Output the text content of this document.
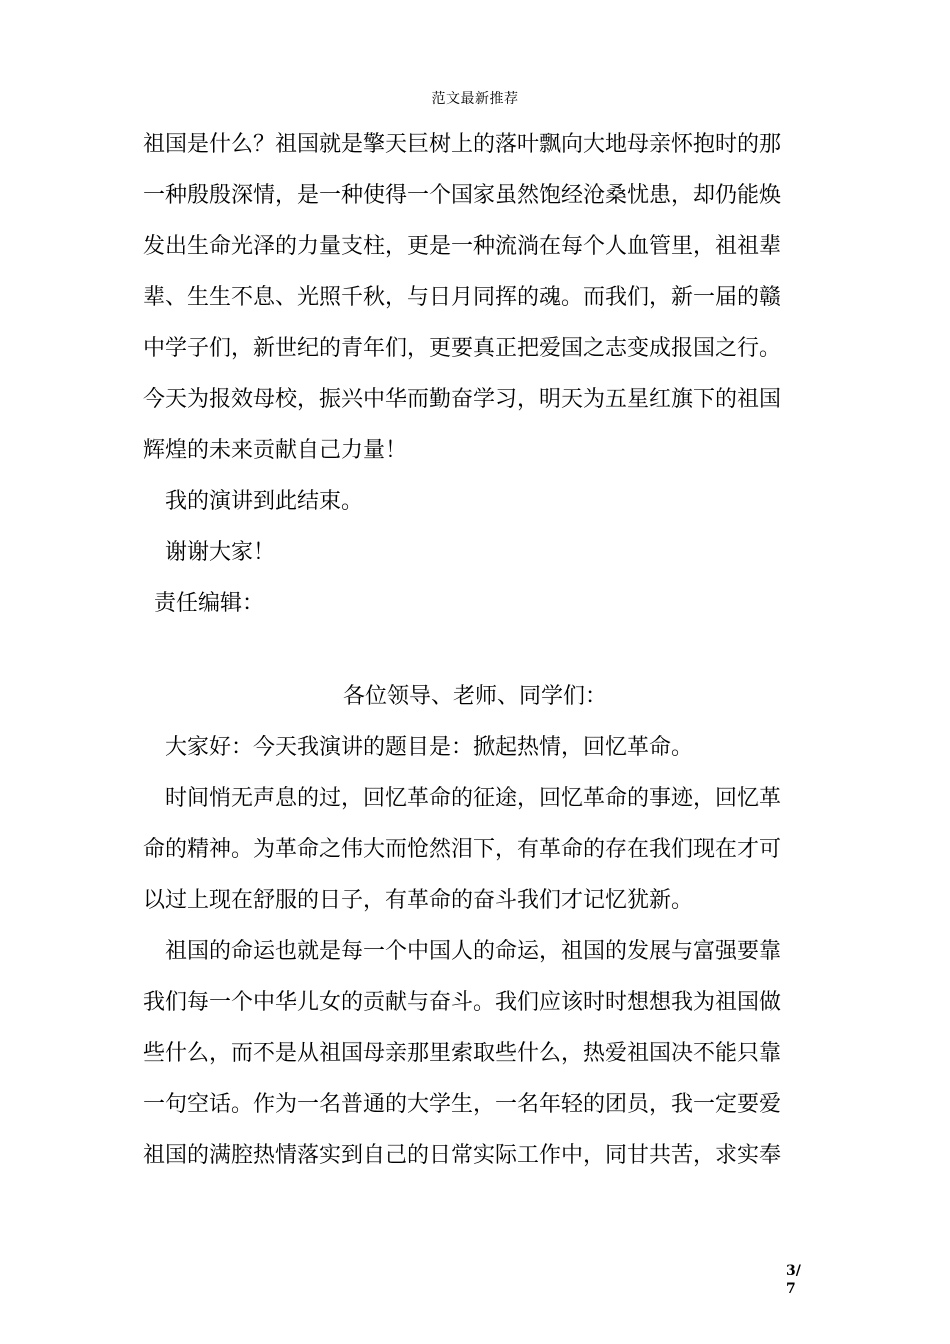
范文最新推荐
祖国是什么？祖国就是擎天巨树上的落叶飘向大地母亲怀抱时的那
一种殷殷深情，是一种使得一个国家虽然饱经沧桑忧患，却仍能焕
发出生命光泽的力量支柱，更是一种流淌在每个人血管里，祖祖辈
辈、生生不息、光照千秋，与日月同挥的魂。而我们，新一届的赣
中学子们，新世纪的青年们，更要真正把爱国之志变成报国之行。
今天为报效母校，振兴中华而勤奋学习，明天为五星红旗下的祖国
辉煌的未来贡献自己力量！
我的演讲到此结束。
谢谢大家！
责任编辑：
各位领导、老师、同学们：
大家好：今天我演讲的题目是：掀起热情，回忆革命。
时间悄无声息的过，回忆革命的征途，回忆革命的事迹，回忆革
命的精神。为革命之伟大而怆然泪下，有革命的存在我们现在才可
以过上现在舒服的日子，有革命的奋斗我们才记忆犹新。
祖国的命运也就是每一个中国人的命运，祖国的发展与富强要靠
我们每一个中华儿女的贡献与奋斗。我们应该时时想想我为祖国做
些什么，而不是从祖国母亲那里索取些什么，热爱祖国决不能只靠
一句空话。作为一名普通的大学生，一名年轻的团员，我一定要爱
祖国的满腔热情落实到自己的日常实际工作中，同甘共苦，求实奉
3/
7
